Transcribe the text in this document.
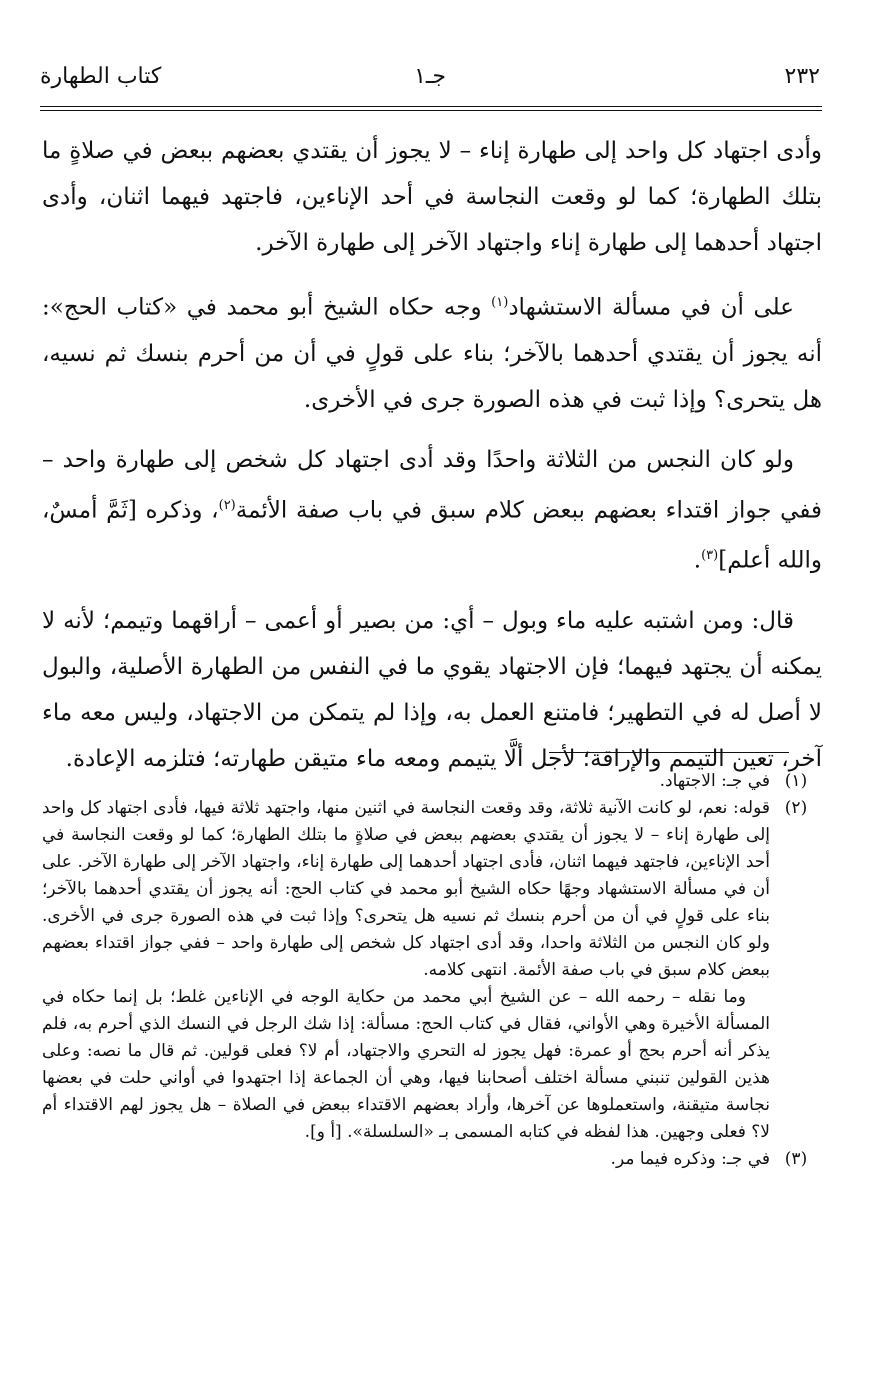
٢٣٢
جـ١
كتاب الطهارة

وأدى اجتهاد كل واحد إلى طهارة إناء – لا يجوز أن يقتدي بعضهم ببعض في صلاةٍ ما بتلك الطهارة؛ كما لو وقعت النجاسة في أحد الإناءين، فاجتهد فيهما اثنان، وأدى اجتهاد أحدهما إلى طهارة إناء واجتهاد الآخر إلى طهارة الآخر.

على أن في مسألة الاستشهاد$^{(١)}$ وجه حكاه الشيخ أبو محمد في «كتاب الحج»: أنه يجوز أن يقتدي أحدهما بالآخر؛ بناء على قولٍ في أن من أحرم بنسك ثم نسيه، هل يتحرى؟ وإذا ثبت في هذه الصورة جرى في الأخرى.

ولو كان النجس من الثلاثة واحدًا وقد أدى اجتهاد كل شخص إلى طهارة واحد – ففي جواز اقتداء بعضهم ببعض كلام سبق في باب صفة الأئمة$^{(٢)}$، وذكره [ثَمَّ أمسٌ، والله أعلم]$^{(٣)}$.

قال: ومن اشتبه عليه ماء وبول – أي: من بصير أو أعمى – أراقهما وتيمم؛ لأنه لا يمكنه أن يجتهد فيهما؛ فإن الاجتهاد يقوي ما في النفس من الطهارة الأصلية، والبول لا أصل له في التطهير؛ فامتنع العمل به، وإذا لم يتمكن من الاجتهاد، وليس معه ماء آخر، تعين التيمم والإراقة؛ لأجل ألَّا يتيمم ومعه ماء متيقن طهارته؛ فتلزمه الإعادة.

(١)

في جـ: الاجتهاد.

(٢)

قوله: نعم، لو كانت الآنية ثلاثة، وقد وقعت النجاسة في اثنين منها، واجتهد ثلاثة فيها، فأدى اجتهاد كل واحد إلى طهارة إناء – لا يجوز أن يقتدي بعضهم ببعض في صلاةٍ ما بتلك الطهارة؛ كما لو وقعت النجاسة في أحد الإناءين، فاجتهد فيهما اثنان، فأدى اجتهاد أحدهما إلى طهارة إناء، واجتهاد الآخر إلى طهارة الآخر. على أن في مسألة الاستشهاد وجهًا حكاه الشيخ أبو محمد في كتاب الحج: أنه يجوز أن يقتدي أحدهما بالآخر؛ بناء على قولٍ في أن من أحرم بنسك ثم نسيه هل يتحرى؟ وإذا ثبت في هذه الصورة جرى في الأخرى. ولو كان النجس من الثلاثة واحدا، وقد أدى اجتهاد كل شخص إلى طهارة واحد – ففي جواز اقتداء بعضهم ببعض كلام سبق في باب صفة الأئمة. انتهى كلامه.

وما نقله – رحمه الله – عن الشيخ أبي محمد من حكاية الوجه في الإناءين غلط؛ بل إنما حكاه في المسألة الأخيرة وهي الأواني، فقال في كتاب الحج: مسألة: إذا شك الرجل في النسك الذي أحرم به، فلم يذكر أنه أحرم بحج أو عمرة: فهل يجوز له التحري والاجتهاد، أم لا؟ فعلى قولين. ثم قال ما نصه: وعلى هذين القولين تنبني مسألة اختلف أصحابنا فيها، وهي أن الجماعة إذا اجتهدوا في أواني حلت في بعضها نجاسة متيقنة، واستعملوها عن آخرها، وأراد بعضهم الاقتداء ببعض في الصلاة – هل يجوز لهم الاقتداء أم لا؟ فعلى وجهين. هذا لفظه في كتابه المسمى بـ «السلسلة». [أ و].

(٣)

في جـ: وذكره فيما مر.
